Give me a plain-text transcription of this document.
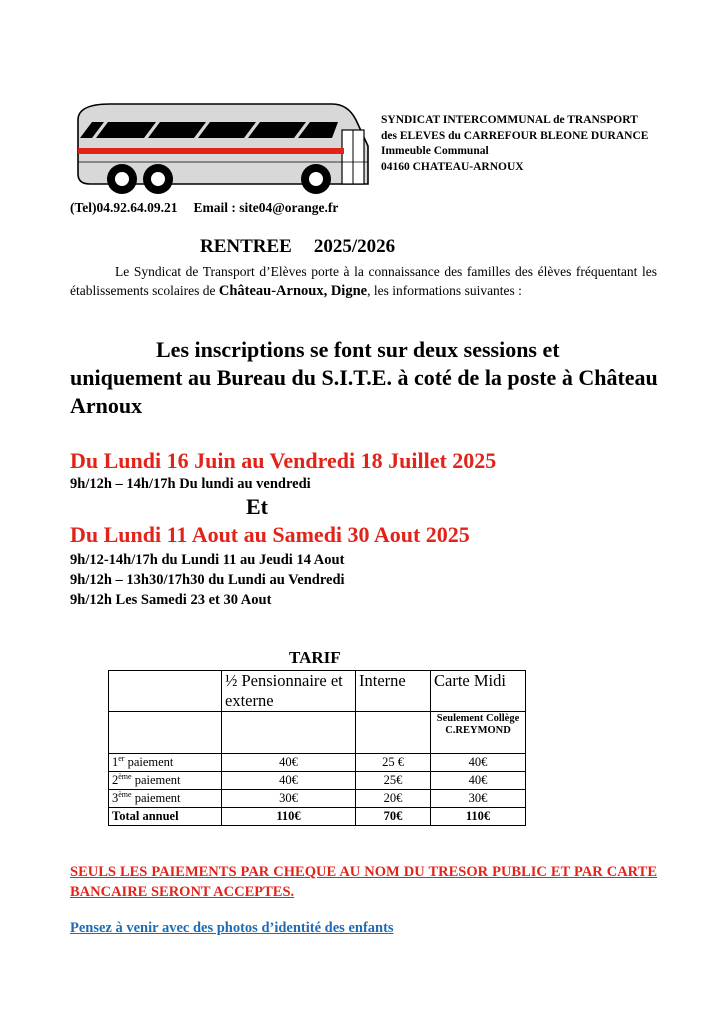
SYNDICAT INTERCOMMUNAL de TRANSPORT
des ELEVES du CARREFOUR BLEONE DURANCE
Immeuble Communal
04160 CHATEAU-ARNOUX
(Tel)04.92.64.09.21 Email : site04@orange.fr
RENTREE 2025/2026
Le Syndicat de Transport d’Elèves porte à la connaissance des familles des élèves fréquentant les établissements scolaires de Château-Arnoux, Digne, les informations suivantes :
Les inscriptions se font sur deux sessions et uniquement au Bureau du S.I.T.E. à coté de la poste à Château Arnoux
Du Lundi 16 Juin au Vendredi 18 Juillet 2025
9h/12h – 14h/17h Du lundi au vendredi
Et
Du Lundi 11 Aout au Samedi 30 Aout 2025
9h/12-14h/17h du Lundi 11 au Jeudi 14 Aout
9h/12h – 13h30/17h30 du Lundi au Vendredi
9h/12h Les Samedi 23 et 30 Aout
TARIF
	½ Pensionnaire et externe	Interne	Carte Midi
			Seulement Collège C.REYMOND
1er paiement	40€	25 €	40€
2ème paiement	40€	25€	40€
3ème paiement	30€	20€	30€
Total annuel	110€	70€	110€
SEULS LES PAIEMENTS PAR CHEQUE AU NOM DU TRESOR PUBLIC ET PAR CARTE BANCAIRE SERONT ACCEPTES.
Pensez à venir avec des photos d’identité des enfants
